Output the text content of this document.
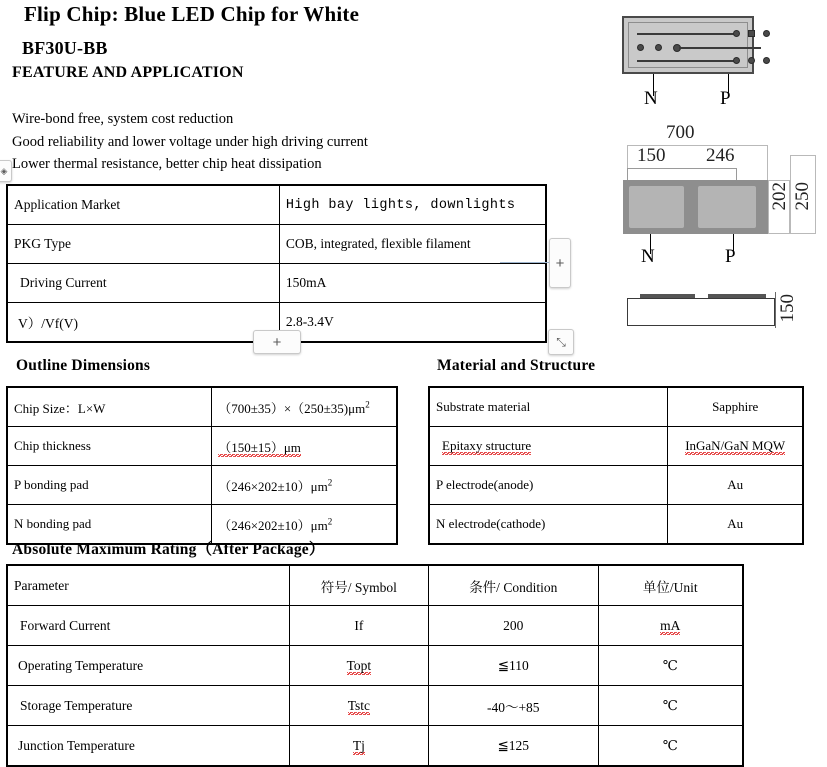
Flip Chip: Blue LED Chip for White
BF30U-BB
FEATURE AND APPLICATION
Wire-bond free, system cost reduction
Good reliability and lower voltage under high driving current
Lower thermal resistance, better chip heat dissipation
Application Market	High bay lights, downlights
PKG Type	COB, integrated, flexible filament
Driving Current	150mA
V）/Vf(V)	2.8-3.4V
+
+	⤡
◈
Outline Dimensions
Chip Size：L×W	$(700\pm 35)\times(250\pm 35)\mu m^2$
Chip thickness	（150±15）μm
P bonding pad	$(246\times 202\pm 10)\mu m^2$
N bonding pad	$(246\times 202\pm 10)\mu m^2$
Material and Structure
Substrate material	Sapphire
Epitaxy structure	InGaN/GaN MQW
P electrode(anode)	Au
N electrode(cathode)	Au
Absolute Maximum Rating（After Package）
Parameter	符号/ Symbol	条件/ Condition	单位/Unit
Forward Current	If	200	mA
Operating Temperature	Topt	≦110	℃
Storage Temperature	Tstc	-40～+85	℃
Junction Temperature	Tj	≦125	℃
N	P
700
150 246
202 250
N	P
150
